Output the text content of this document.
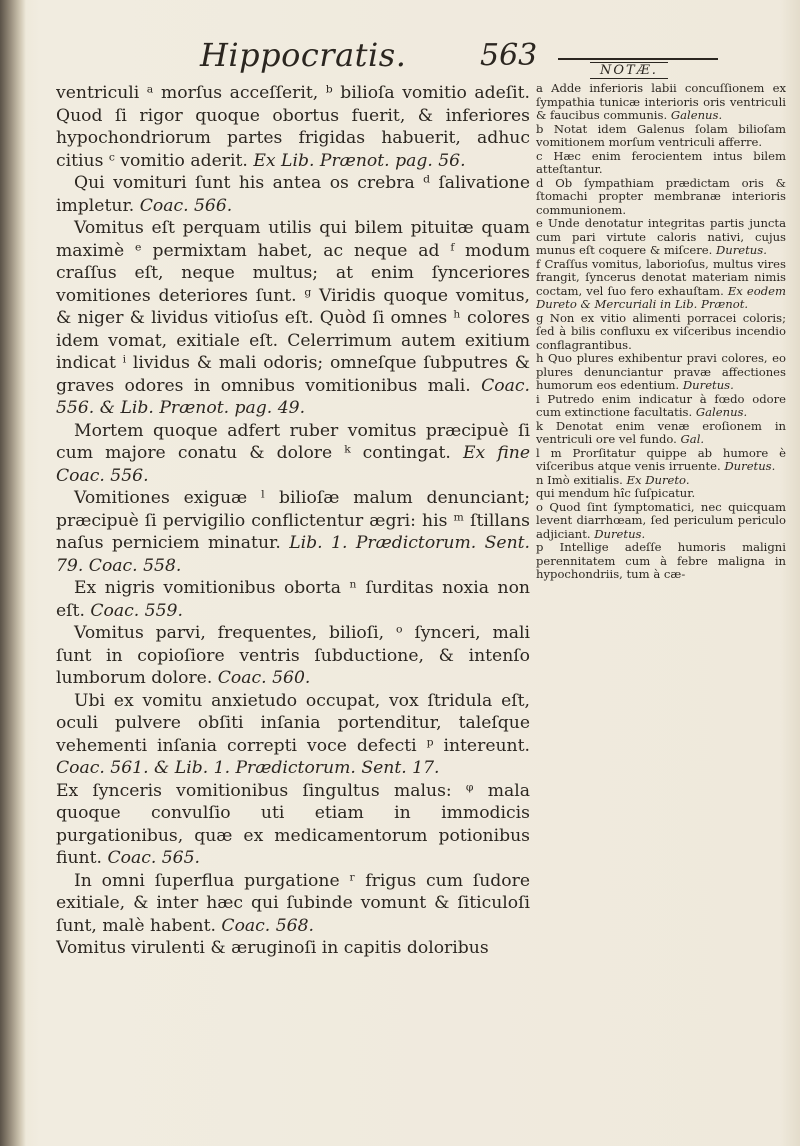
Hippocratis. 563	NOTÆ.

ventriculi ᵃ morſus acceſſerit, ᵇ bilioſa vomitio adeſit. Quod ſi rigor quoque obortus fuerit, & inferiores hypochondriorum partes frigidas habuerit, adhuc citius ᶜ vomitio aderit. Ex Lib. Prænot. pag. 56.

Qui vomituri ſunt his antea os crebra ᵈ ſalivatione impletur. Coac. 566.

Vomitus eſt perquam utilis qui bilem pituitæ quam maximè ᵉ permixtam habet, ac neque ad ᶠ modum craſſus eſt, neque multus; at enim ſynceriores vomitiones deteriores ſunt. ᵍ Viridis quoque vomitus, & niger & lividus vitioſus eſt. Quòd ſi omnes ʰ colores idem vomat, exitiale eſt. Celerrimum autem exitium indicat ⁱ lividus & mali odoris; omneſque ſubputres & graves odores in omnibus vomitionibus mali. Coac. 556. & Lib. Prænot. pag. 49.

Mortem quoque adfert ruber vomitus præcipuè ſi cum majore conatu & dolore ᵏ contingat. Ex fine Coac. 556.

Vomitiones exiguæ ˡ bilioſæ malum denunciant; præcipuè ſi pervigilio conflictentur ægri: his ᵐ ſtillans naſus perniciem minatur. Lib. 1. Prædictorum. Sent. 79. Coac. 558.

Ex nigris vomitionibus oborta ⁿ ſurditas noxia non eſt. Coac. 559.

Vomitus parvi, frequentes, bilioſi, ᵒ ſynceri, mali ſunt in copioſiore ventris ſubductione, & intenſo lumborum dolore. Coac. 560.

Ubi ex vomitu anxietudo occupat, vox ſtridula eſt, oculi pulvere obſiti inſania portenditur, taleſque vehementi inſania correpti voce defecti ᵖ intereunt. Coac. 561. & Lib. 1. Prædictorum. Sent. 17.

Ex ſynceris vomitionibus ſingultus malus: ᵠ mala quoque convulſio uti etiam in immodicis purgationibus, quæ ex medicamentorum potionibus fiunt. Coac. 565.

In omni ſuperflua purgatione ʳ frigus cum ſudore exitiale, & inter hæc qui ſubinde vomunt & ſiticuloſi ſunt, malè habent. Coac. 568.

Vomitus virulenti & æruginoſi in capitis doloribus

a Adde inferioris labii concuſſionem ex ſympathia tunicæ interioris oris ventriculi & faucibus communis. Galenus.

b Notat idem Galenus ſolam bilioſam vomitionem morſum ventriculi afferre.

c Hæc enim ferocientem intus bilem atteſtantur.

d Ob ſympathiam prædictam oris & ſtomachi propter membranæ interioris communionem.

e Unde denotatur integritas partis juncta cum pari virtute caloris nativi, cujus munus eſt coquere & miſcere. Duretus.

f Craſſus vomitus, laborioſus, multus vires frangit, ſyncerus denotat materiam nimis coctam, vel ſuo fero exhauſtam. Ex eodem Dureto & Mercuriali in Lib. Prænot.

g Non ex vitio alimenti porracei coloris; ſed à bilis confluxu ex viſceribus incendio conflagrantibus.

h Quo plures exhibentur pravi colores, eo plures denunciantur pravæ affectiones humorum eos edentium. Duretus.

i Putredo enim indicatur à fœdo odore cum extinctione facultatis. Galenus.

k Denotat enim venæ eroſionem in ventriculi ore vel fundo. Gal.

l m Prorſitatur quippe ab humore è viſceribus atque venis irruente. Duretus.

n Imò exitialis. Ex Dureto.

qui mendum hîc ſuſpicatur.

o Quod ſint ſymptomatici, nec quicquam levent diarrhœam, ſed periculum periculo adjiciant. Duretus.

p Intellige adeſſe humoris maligni perennitatem cum à febre maligna in hypochondriis, tum à cæ-
